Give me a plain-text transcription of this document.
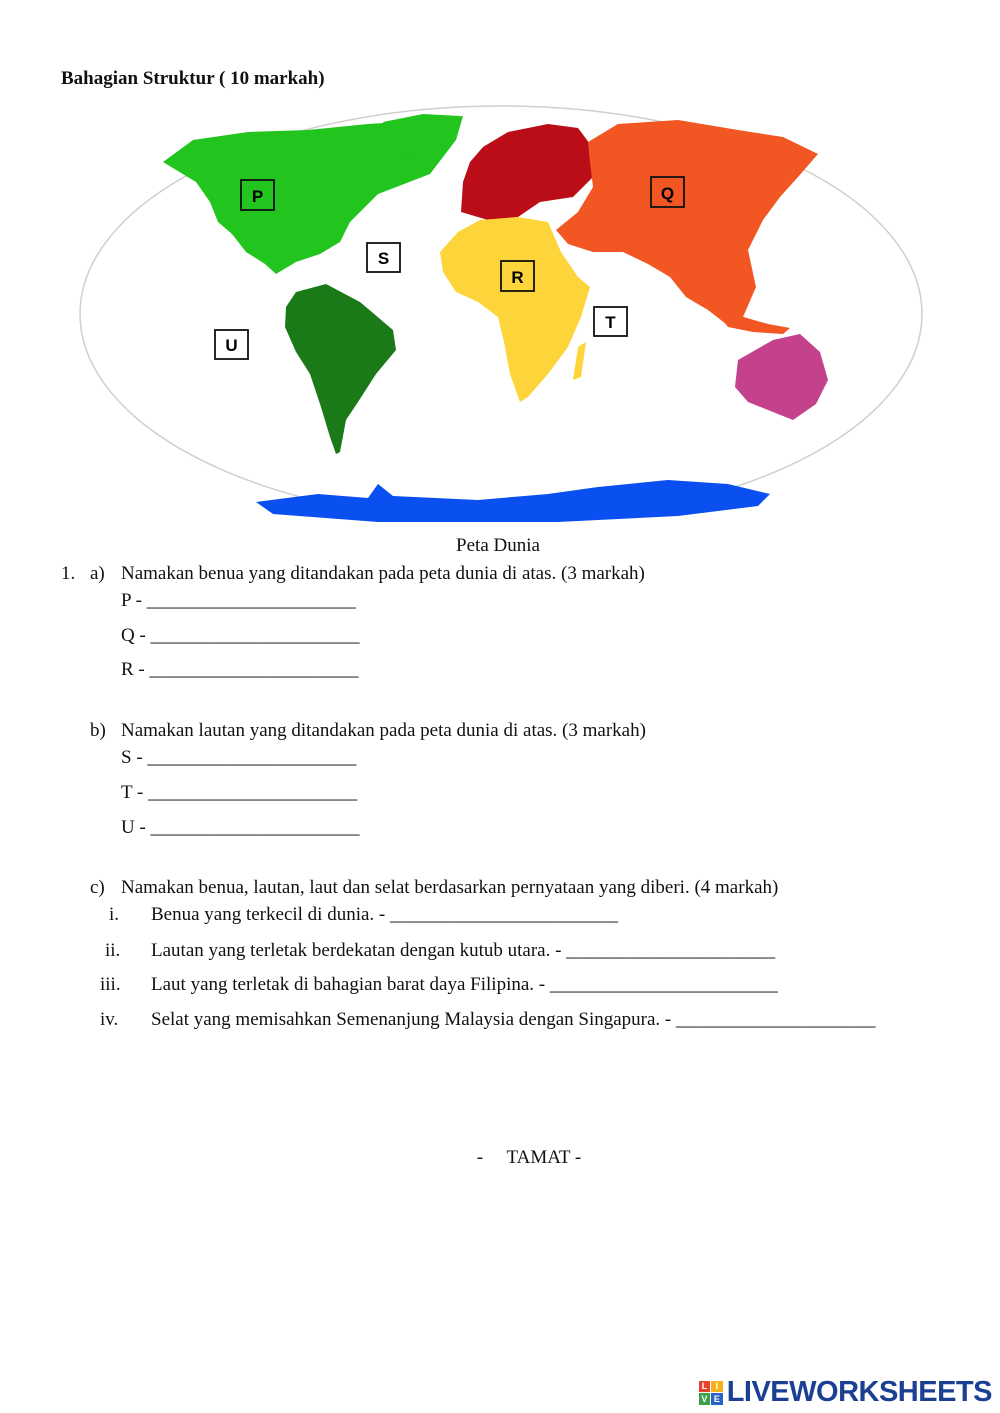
Bahagian Struktur ( 10 markah)
P	Q
R
S
T
U
Peta Dunia
1. a) Namakan benua yang ditandakan pada peta dunia di atas. (3 markah)
P - ______________________
Q - ______________________
R - ______________________
b) Namakan lautan yang ditandakan pada peta dunia di atas. (3 markah)
S - ______________________
T - ______________________
U - ______________________
c) Namakan benua, lautan, laut dan selat berdasarkan pernyataan yang diberi. (4 markah)
i. Benua yang terkecil di dunia. - ________________________
ii. Lautan yang terletak berdekatan dengan kutub utara. - ______________________
iii. Laut yang terletak di bahagian barat daya Filipina. - ________________________
iv. Selat yang memisahkan Semenanjung Malaysia dengan Singapura. - _____________________
-     TAMAT -
L I
V E LIVEWORKSHEETS
